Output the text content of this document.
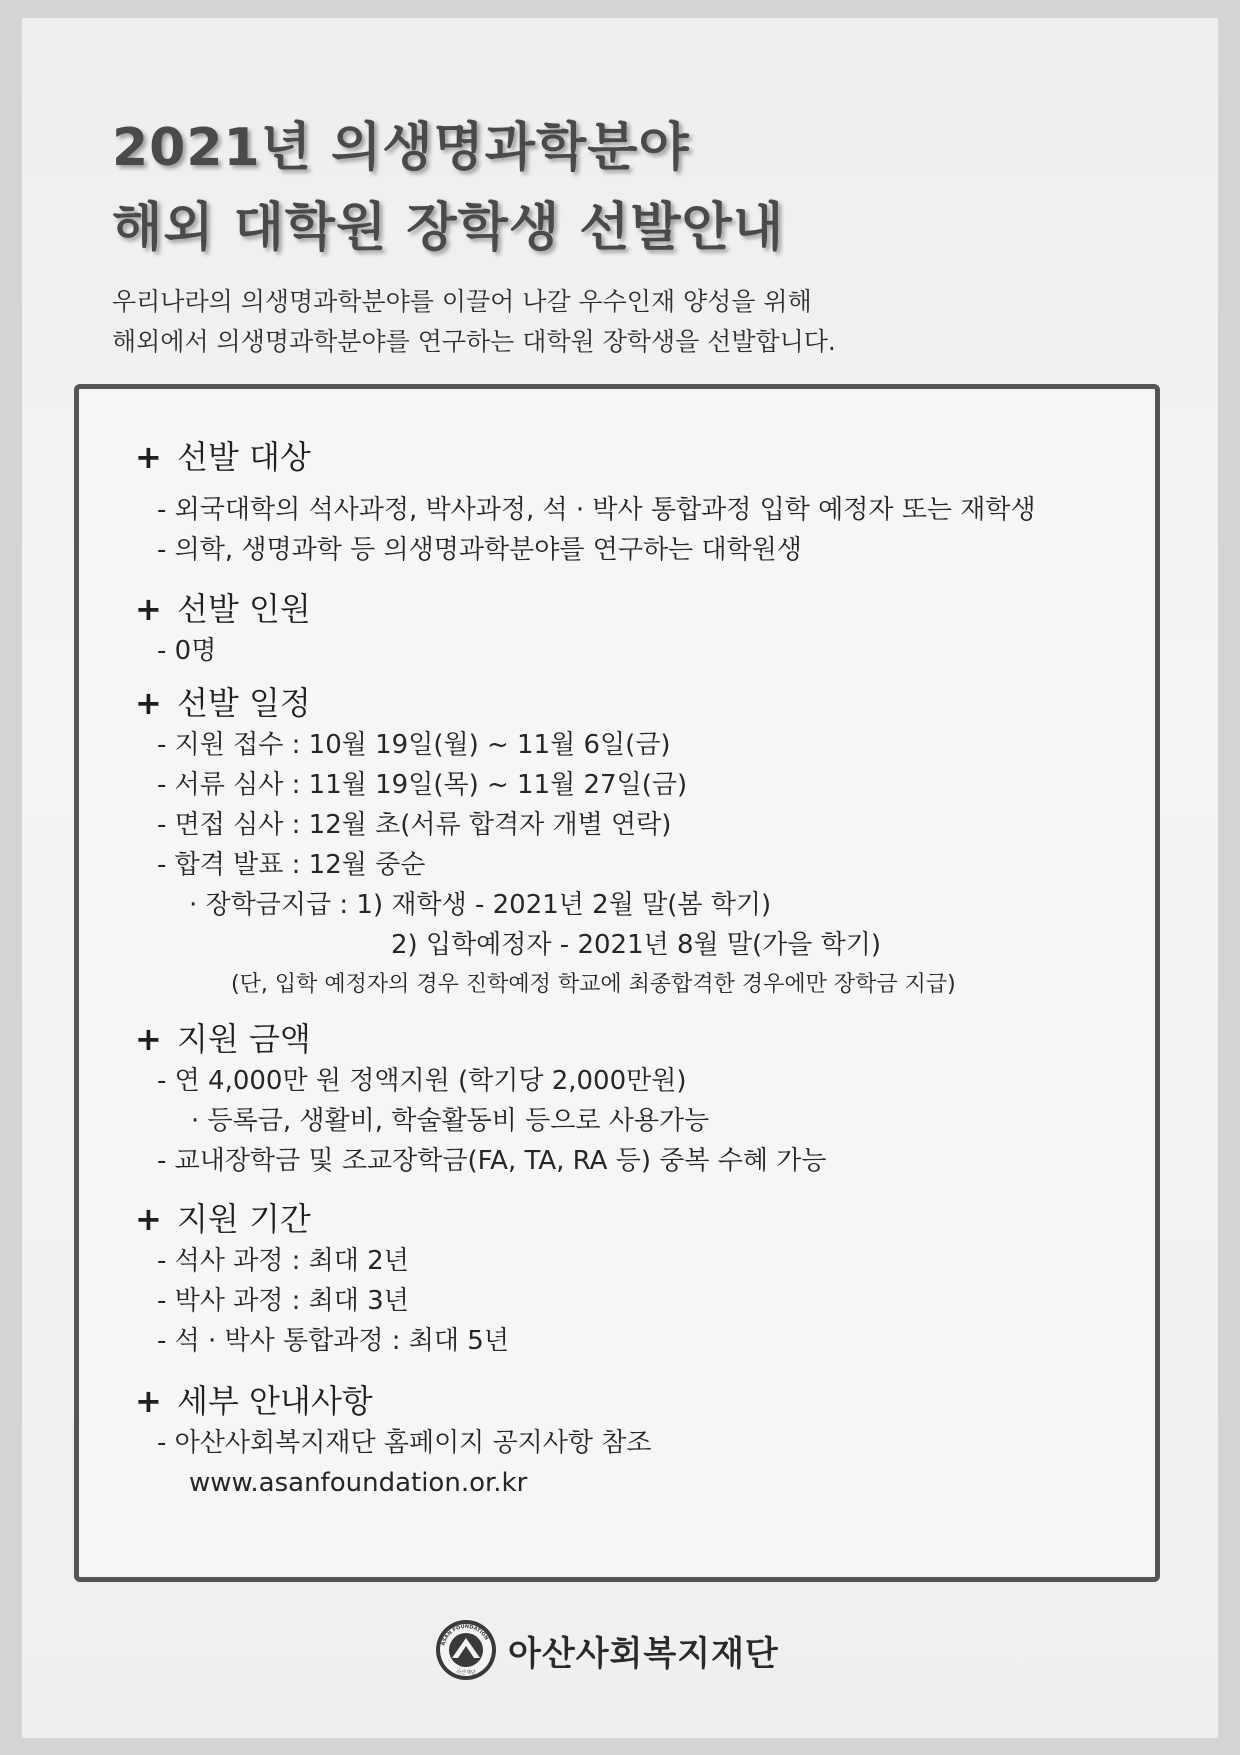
2021년 의생명과학분야
해외 대학원 장학생 선발안내
우리나라의 의생명과학분야를 이끌어 나갈 우수인재 양성을 위해
해외에서 의생명과학분야를 연구하는 대학원 장학생을 선발합니다.
+ 선발 대상
- 외국대학의 석사과정, 박사과정, 석 · 박사 통합과정 입학 예정자 또는 재학생
- 의학, 생명과학 등 의생명과학분야를 연구하는 대학원생
+ 선발 인원
- 0명
+ 선발 일정
- 지원 접수 : 10월 19일(월) ~ 11월 6일(금)
- 서류 심사 : 11월 19일(목) ~ 11월 27일(금)
- 면접 심사 : 12월 초(서류 합격자 개별 연락)
- 합격 발표 : 12월 중순
· 장학금지급 : 1) 재학생 - 2021년 2월 말(봄 학기)
2) 입학예정자 - 2021년 8월 말(가을 학기)
(단, 입학 예정자의 경우 진학예정 학교에 최종합격한 경우에만 장학금 지급)
+ 지원 금액
- 연 4,000만 원 정액지원 (학기당 2,000만원)
· 등록금, 생활비, 학술활동비 등으로 사용가능
- 교내장학금 및 조교장학금(FA, TA, RA 등) 중복 수혜 가능
+ 지원 기간
- 석사 과정 : 최대 2년
- 박사 과정 : 최대 3년
- 석 · 박사 통합과정 : 최대 5년
+ 세부 안내사항
- 아산사회복지재단 홈페이지 공지사항 참조
www.asanfoundation.or.kr
ASAN FOUNDATION
아산재단 아산사회복지재단
